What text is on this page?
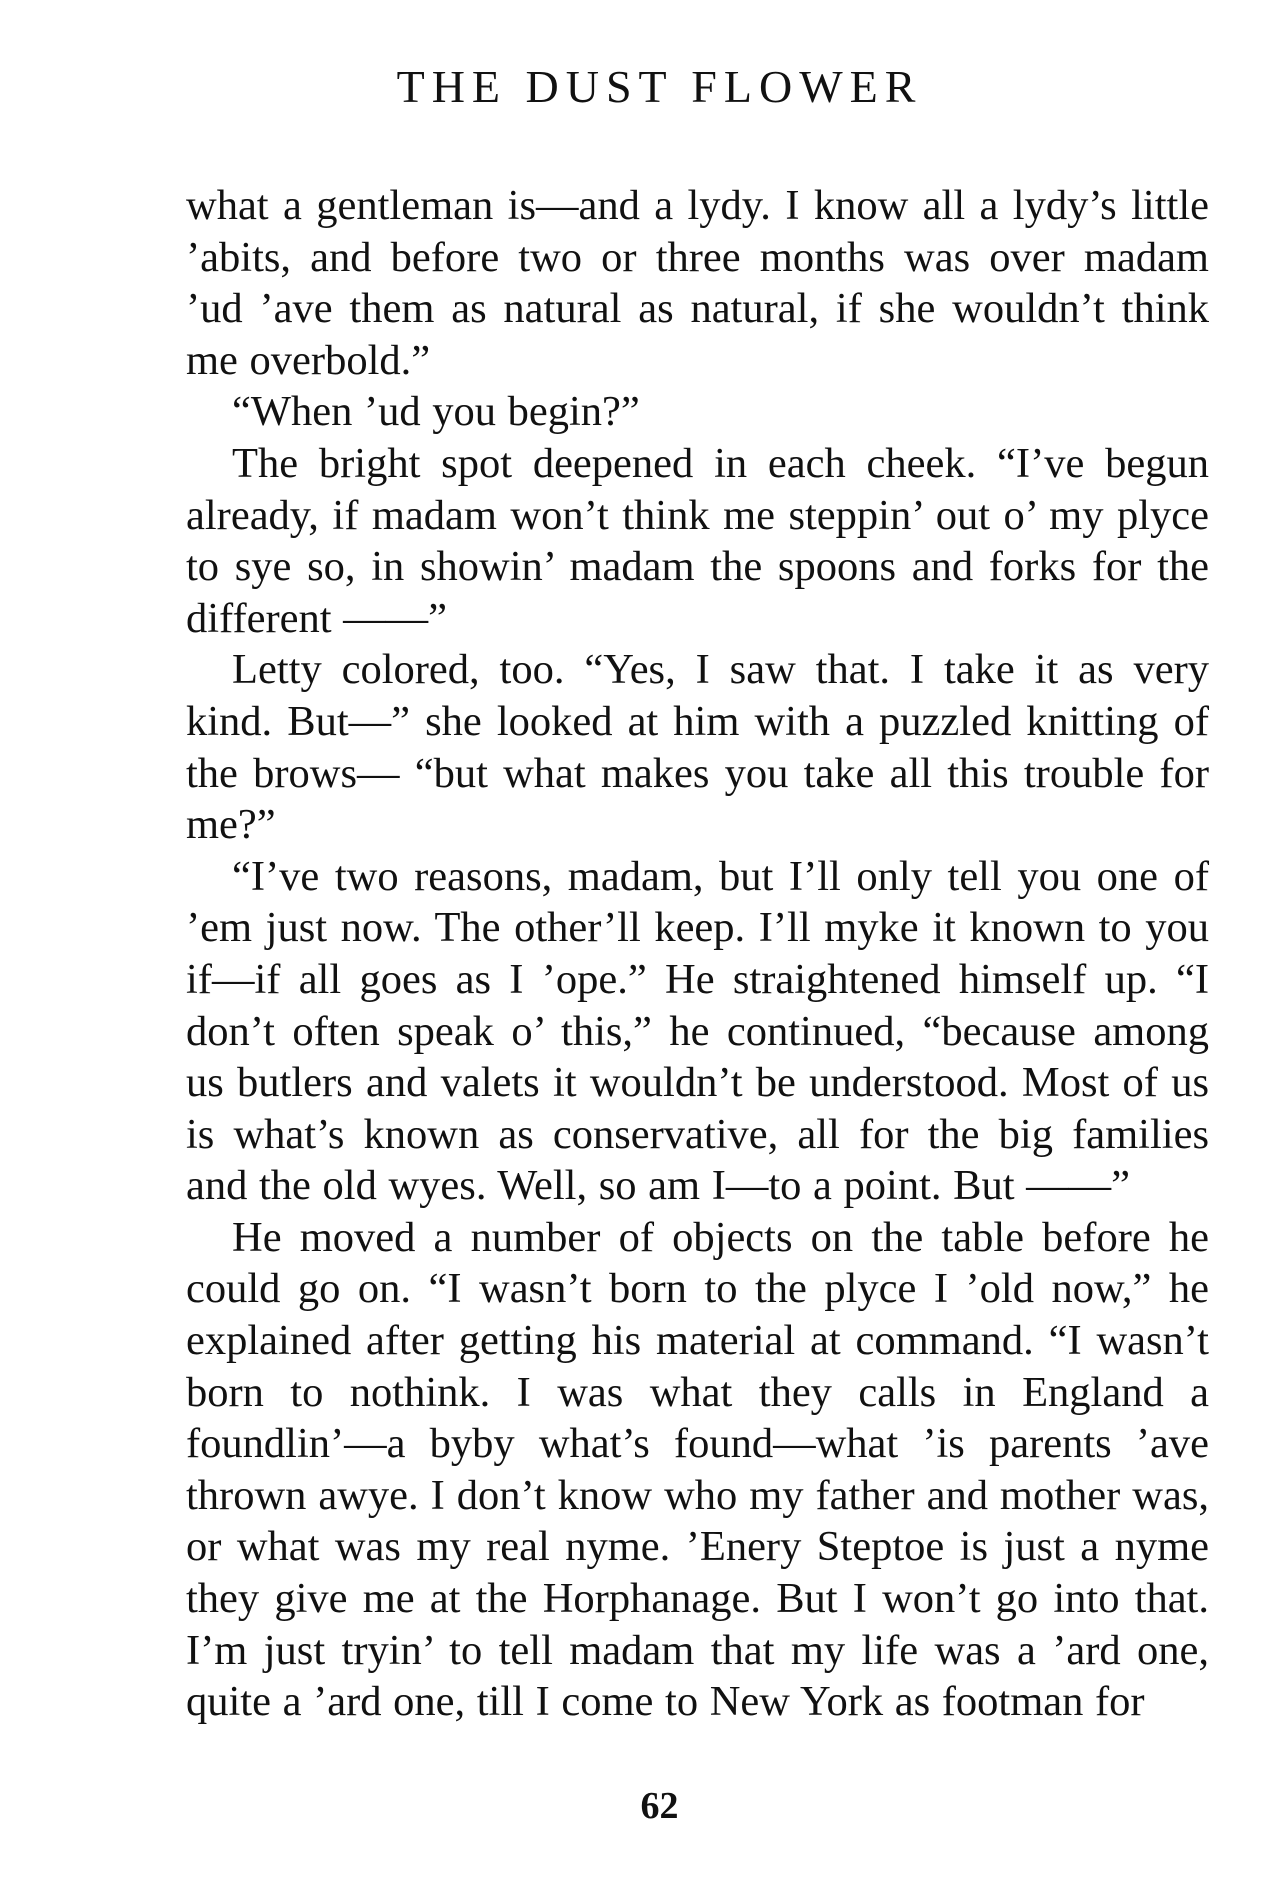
THE DUST FLOWER

what a gentleman is—and a lydy. I know all a lydy’s little ’abits, and before two or three months was over madam ’ud ’ave them as natural as natural, if she wouldn’t think me overbold.”

“When ’ud you begin?”

The bright spot deepened in each cheek. “I’ve begun already, if madam won’t think me steppin’ out o’ my plyce to sye so, in showin’ madam the spoons and forks for the different ——”

Letty colored, too. “Yes, I saw that. I take it as very kind. But—” she looked at him with a puzzled knitting of the brows— “but what makes you take all this trouble for me?”

“I’ve two reasons, madam, but I’ll only tell you one of ’em just now. The other’ll keep. I’ll myke it known to you if—if all goes as I ’ope.” He straightened himself up. “I don’t often speak o’ this,” he continued, “because among us butlers and valets it wouldn’t be understood. Most of us is what’s known as conservative, all for the big families and the old wyes. Well, so am I—to a point. But ——”

He moved a number of objects on the table before he could go on. “I wasn’t born to the plyce I ’old now,” he explained after getting his material at command. “I wasn’t born to nothink. I was what they calls in England a foundlin’—a byby what’s found—what ’is parents ’ave thrown awye. I don’t know who my father and mother was, or what was my real nyme. ’Enery Steptoe is just a nyme they give me at the Horphanage. But I won’t go into that. I’m just tryin’ to tell madam that my life was a ’ard one, quite a ’ard one, till I come to New York as footman for

62
